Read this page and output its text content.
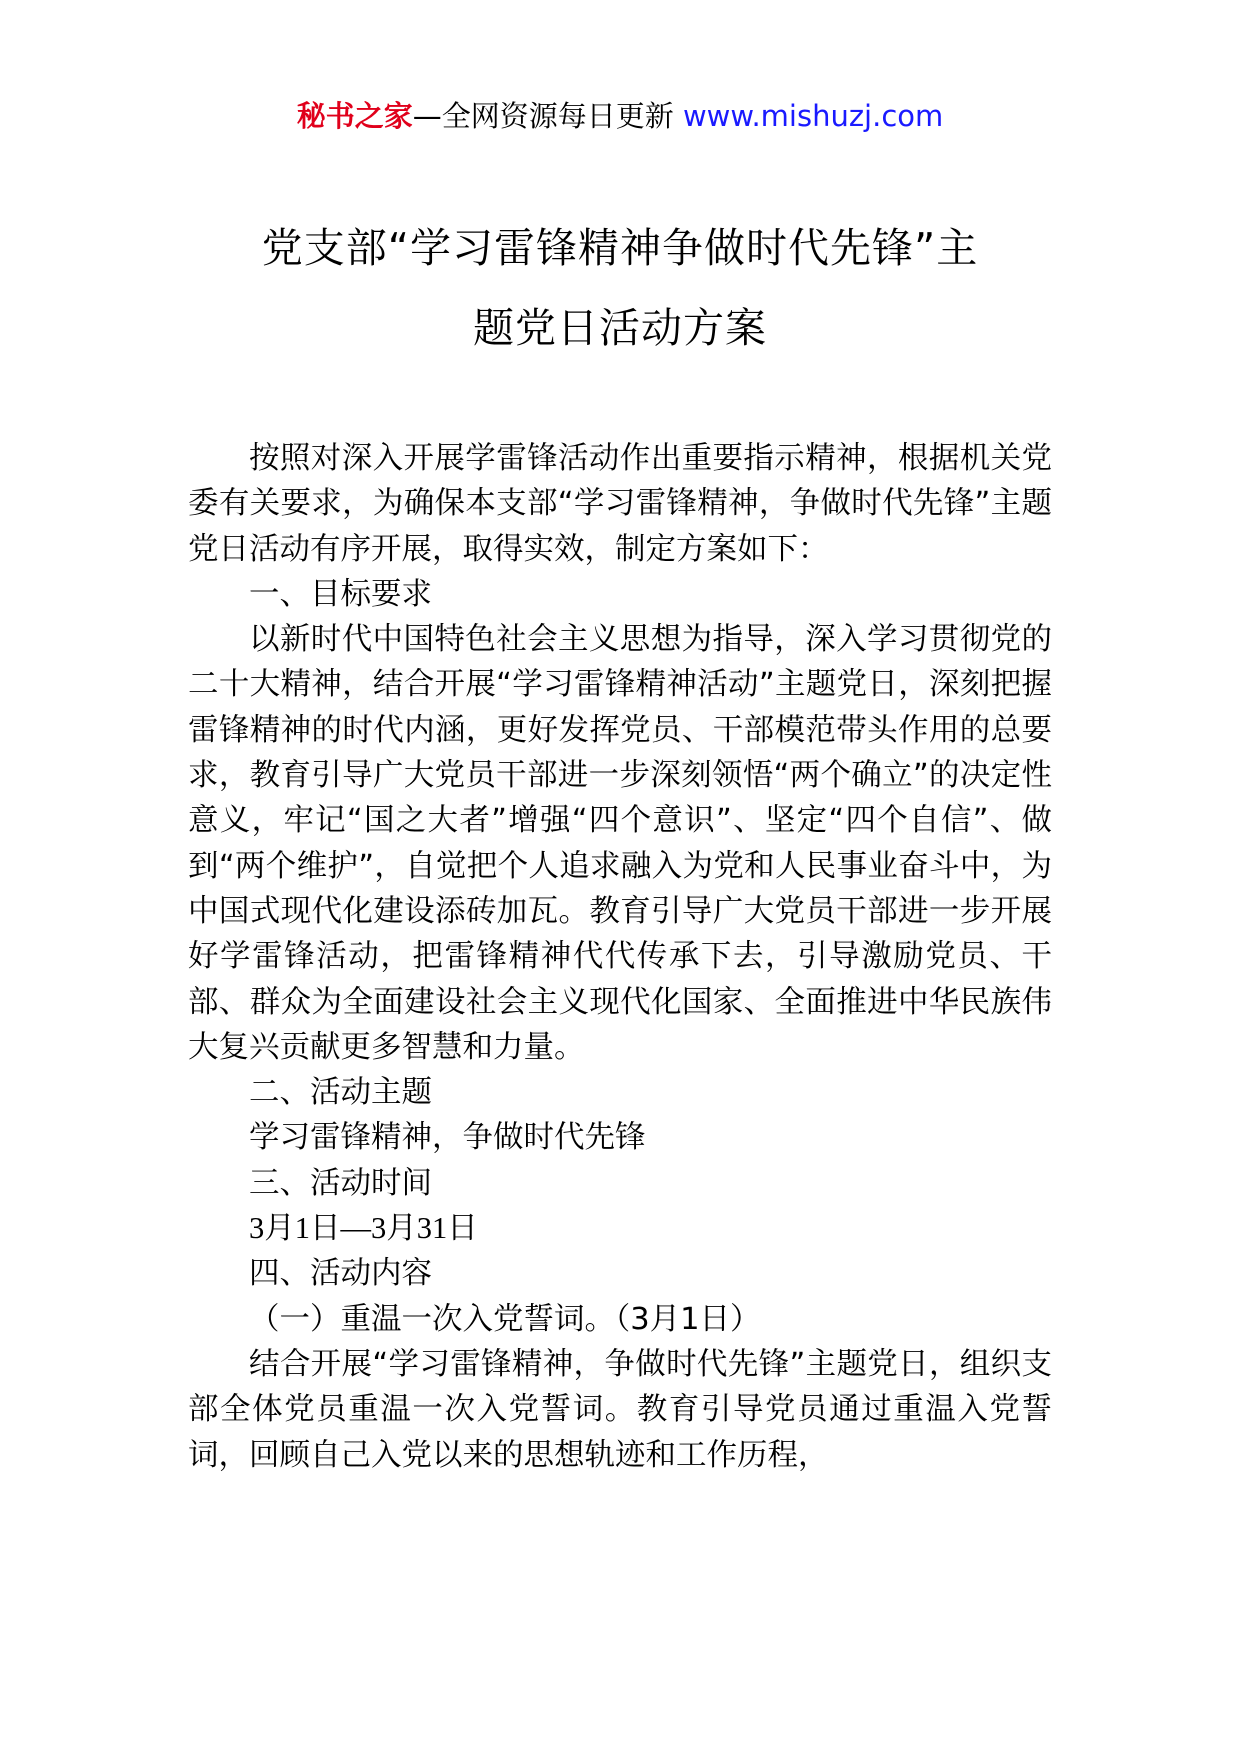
秘书之家—全网资源每日更新 www.mishuzj.com
党支部“学习雷锋精神争做时代先锋”主
题党日活动方案

按照对深入开展学雷锋活动作出重要指示精神，根据机关党委有关要求，为确保本支部“学习雷锋精神，争做时代先锋”主题党日活动有序开展，取得实效，制定方案如下：

一、目标要求

以新时代中国特色社会主义思想为指导，深入学习贯彻党的二十大精神，结合开展“学习雷锋精神活动”主题党日，深刻把握雷锋精神的时代内涵，更好发挥党员、干部模范带头作用的总要求，教育引导广大党员干部进一步深刻领悟“两个确立”的决定性意义，牢记“国之大者”增强“四个意识”、坚定“四个自信”、做到“两个维护”，自觉把个人追求融入为党和人民事业奋斗中，为中国式现代化建设添砖加瓦。教育引导广大党员干部进一步开展好学雷锋活动，把雷锋精神代代传承下去，引导激励党员、干部、群众为全面建设社会主义现代化国家、全面推进中华民族伟大复兴贡献更多智慧和力量。

二、活动主题

学习雷锋精神，争做时代先锋

三、活动时间

3月1日—3月31日

四、活动内容

（一）重温一次入党誓词。（3月1日）

结合开展“学习雷锋精神，争做时代先锋”主题党日，组织支部全体党员重温一次入党誓词。教育引导党员通过重温入党誓词，回顾自己入党以来的思想轨迹和工作历程，
